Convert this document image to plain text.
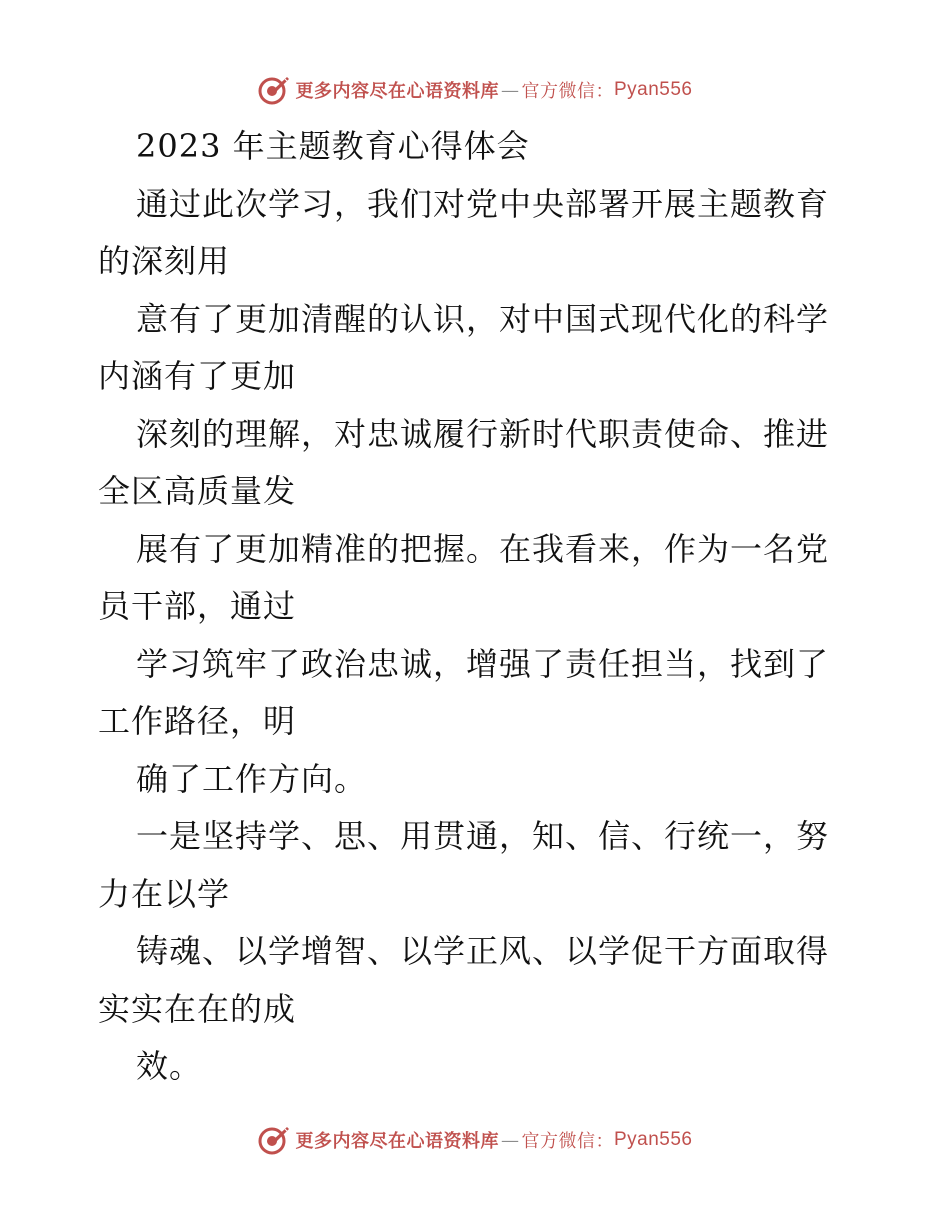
更多内容尽在心语资料库 — 官方微信： Pyan556
2023 年主题教育心得体会
通过此次学习，我们对党中央部署开展主题教育
的深刻用
意有了更加清醒的认识，对中国式现代化的科学
内涵有了更加
深刻的理解，对忠诚履行新时代职责使命、推进
全区高质量发
展有了更加精准的把握。在我看来，作为一名党
员干部，通过
学习筑牢了政治忠诚，增强了责任担当，找到了
工作路径，明
确了工作方向。
一是坚持学、思、用贯通，知、信、行统一，努
力在以学
铸魂、以学增智、以学正风、以学促干方面取得
实实在在的成
效。
更多内容尽在心语资料库 — 官方微信： Pyan556
